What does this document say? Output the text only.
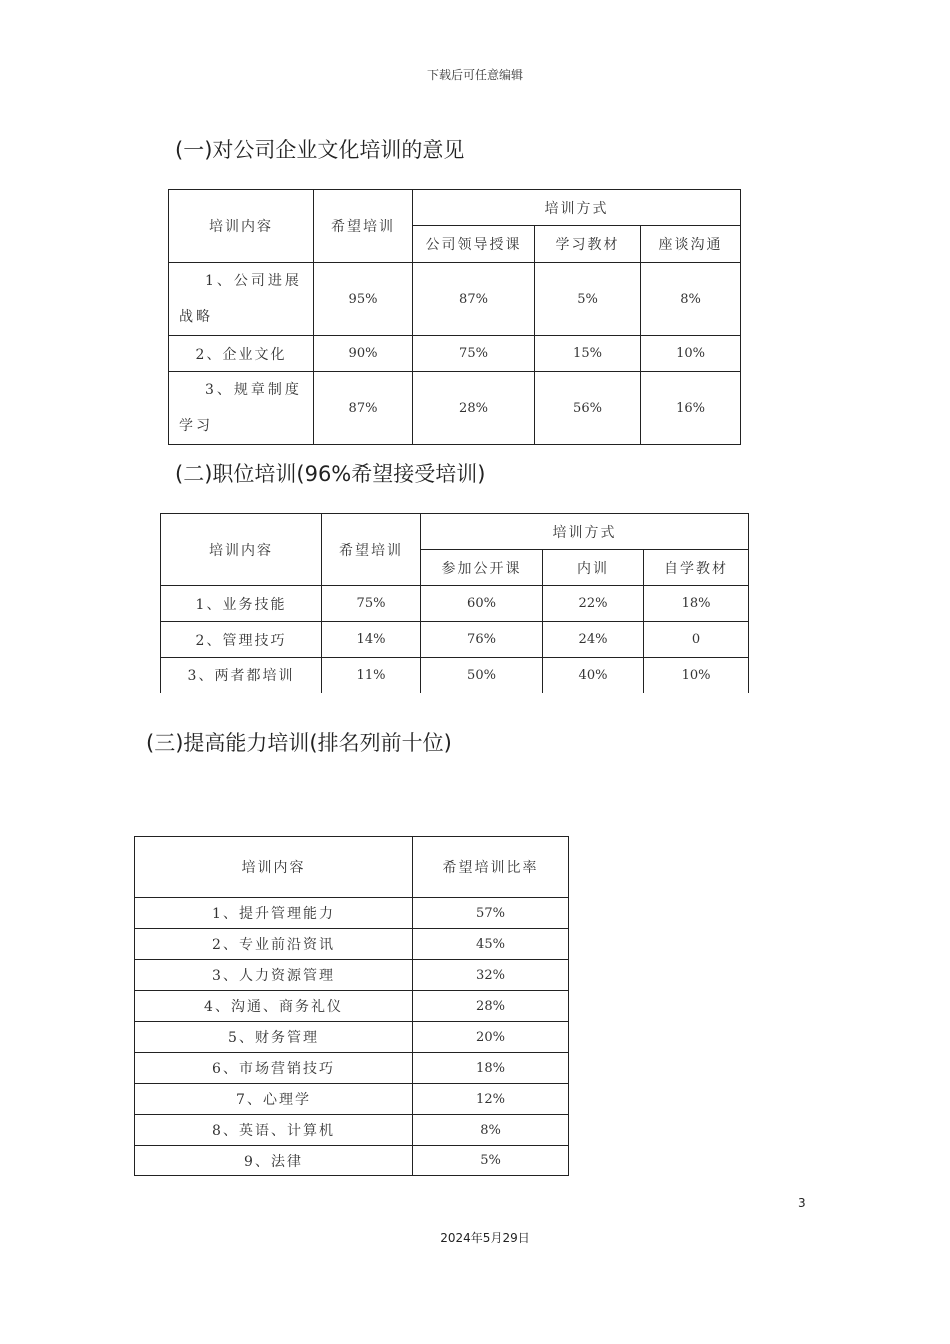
下载后可任意编辑
(一)对公司企业文化培训的意见
培训内容	希望培训	培训方式		
		公司领导授课	学习教材	座谈沟通
1、公司进展战略	95%	87%	5%	8%
2、企业文化	90%	75%	15%	10%
3、规章制度学习	87%	28%	56%	16%
(二)职位培训(96%希望接受培训)
培训内容	希望培训	培训方式		
		参加公开课	内训	自学教材
1、业务技能	75%	60%	22%	18%
2、管理技巧	14%	76%	24%	0
3、两者都培训	11%	50%	40%	10%
(三)提高能力培训(排名列前十位)
培训内容	希望培训比率
1、提升管理能力	57%
2、专业前沿资讯	45%
3、人力资源管理	32%
4、沟通、商务礼仪	28%
5、财务管理	20%
6、市场营销技巧	18%
7、心理学	12%
8、英语、计算机	8%
9、法律	5%
3
2024年5月29日
